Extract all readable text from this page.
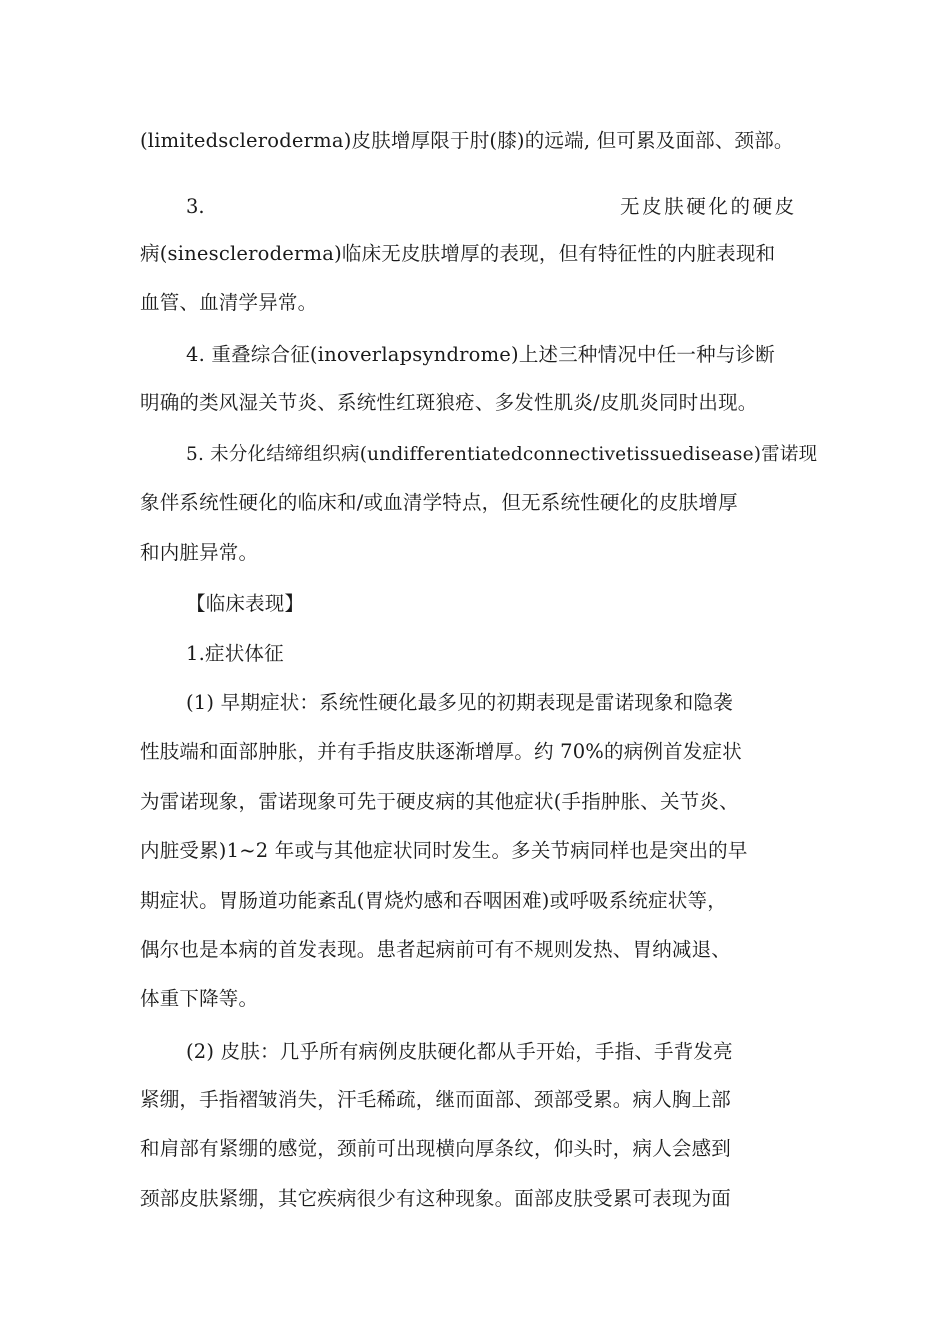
(limitedscleroderma)皮肤增厚限于肘(膝)的远端, 但可累及面部、颈部。
3.	无皮肤硬化的硬皮
病(sinescleroderma)临床无皮肤增厚的表现，但有特征性的内脏表现和
血管、血清学异常。
4. 重叠综合征(inoverlapsyndrome)上述三种情况中任一种与诊断
明确的类风湿关节炎、系统性红斑狼疮、多发性肌炎/皮肌炎同时出现。
5. 未分化结缔组织病(undifferentiatedconnectivetissuedisease)雷诺现
象伴系统性硬化的临床和/或血清学特点，但无系统性硬化的皮肤增厚
和内脏异常。
【临床表现】
1.症状体征
(1) 早期症状：系统性硬化最多见的初期表现是雷诺现象和隐袭
性肢端和面部肿胀，并有手指皮肤逐渐增厚。约 70%的病例首发症状
为雷诺现象，雷诺现象可先于硬皮病的其他症状(手指肿胀、关节炎、
内脏受累)1~2 年或与其他症状同时发生。多关节病同样也是突出的早
期症状。胃肠道功能紊乱(胃烧灼感和吞咽困难)或呼吸系统症状等，
偶尔也是本病的首发表现。患者起病前可有不规则发热、胃纳减退、
体重下降等。
(2) 皮肤：几乎所有病例皮肤硬化都从手开始，手指、手背发亮
紧绷，手指褶皱消失，汗毛稀疏，继而面部、颈部受累。病人胸上部
和肩部有紧绷的感觉，颈前可出现横向厚条纹，仰头时，病人会感到
颈部皮肤紧绷，其它疾病很少有这种现象。面部皮肤受累可表现为面
